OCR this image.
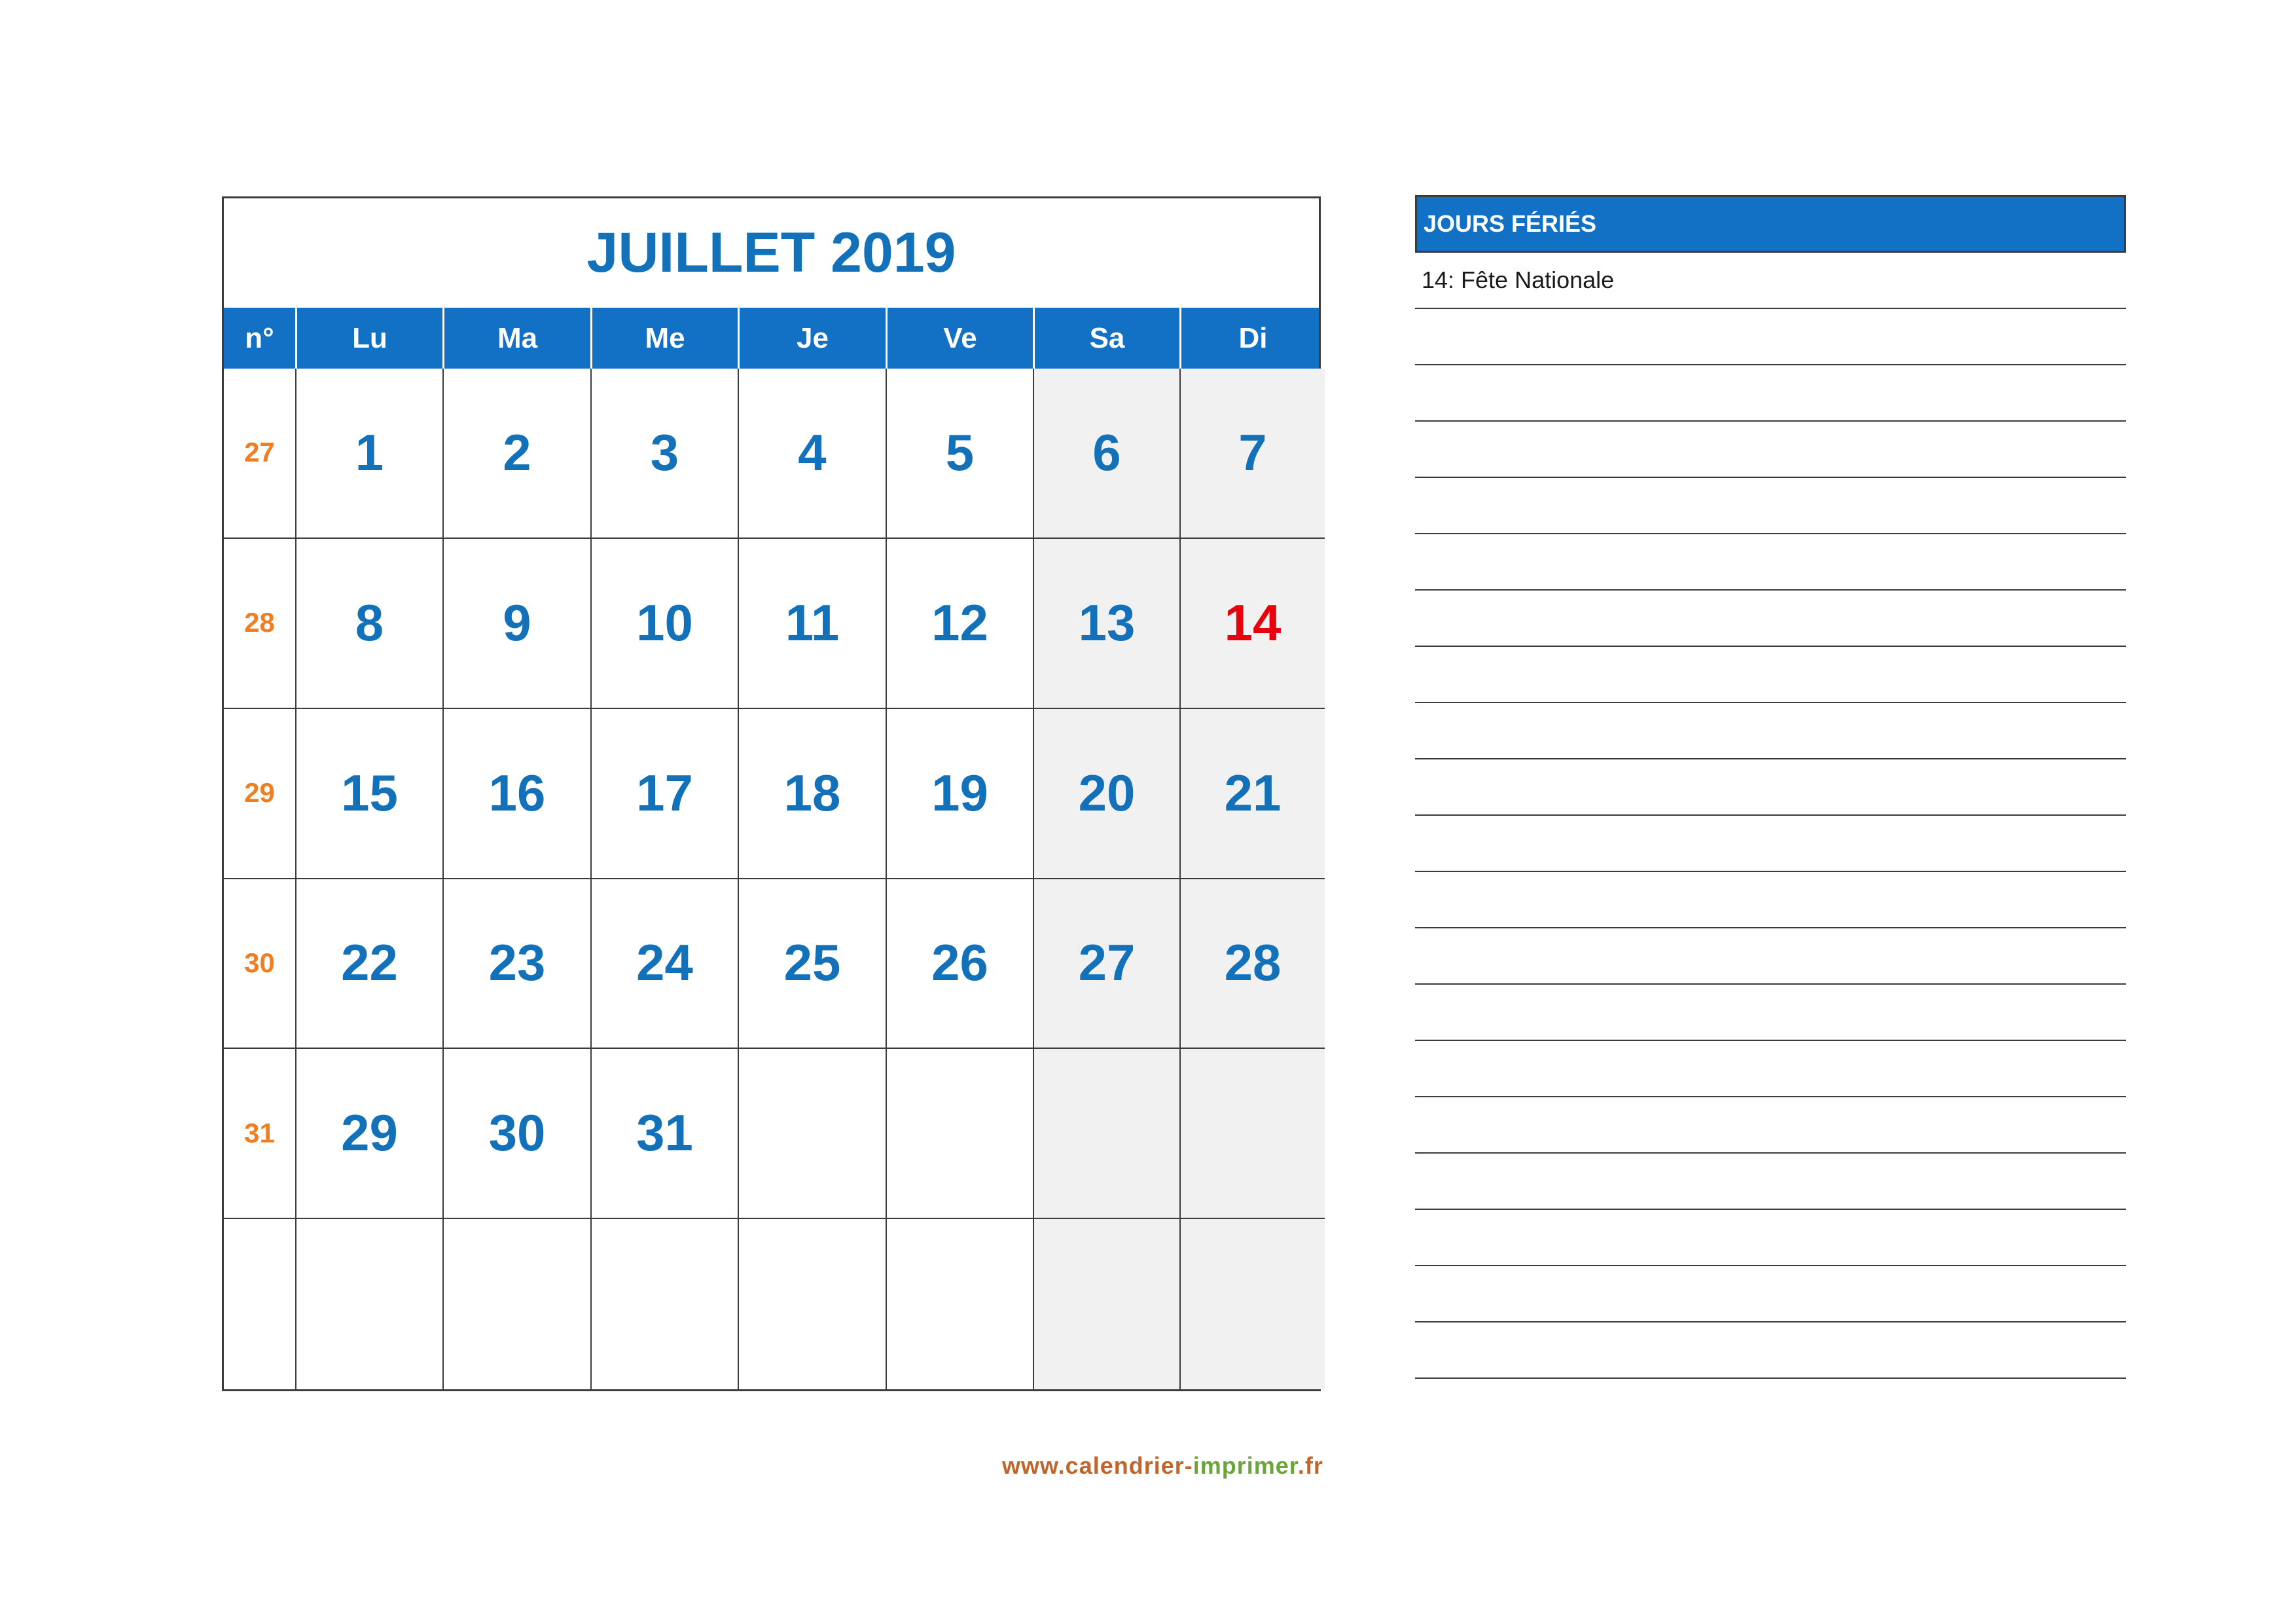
JUILLET 2019
n°	Lu	Ma	Me	Je	Ve	Sa	Di
27	1	2	3	4	5	6	7
28	8	9	10	11	12	13	14
29	15	16	17	18	19	20	21
30	22	23	24	25	26	27	28
31	29	30	31
JOURS FÉRIÉS
14: Fête Nationale
www.calendrier-imprimer.fr
